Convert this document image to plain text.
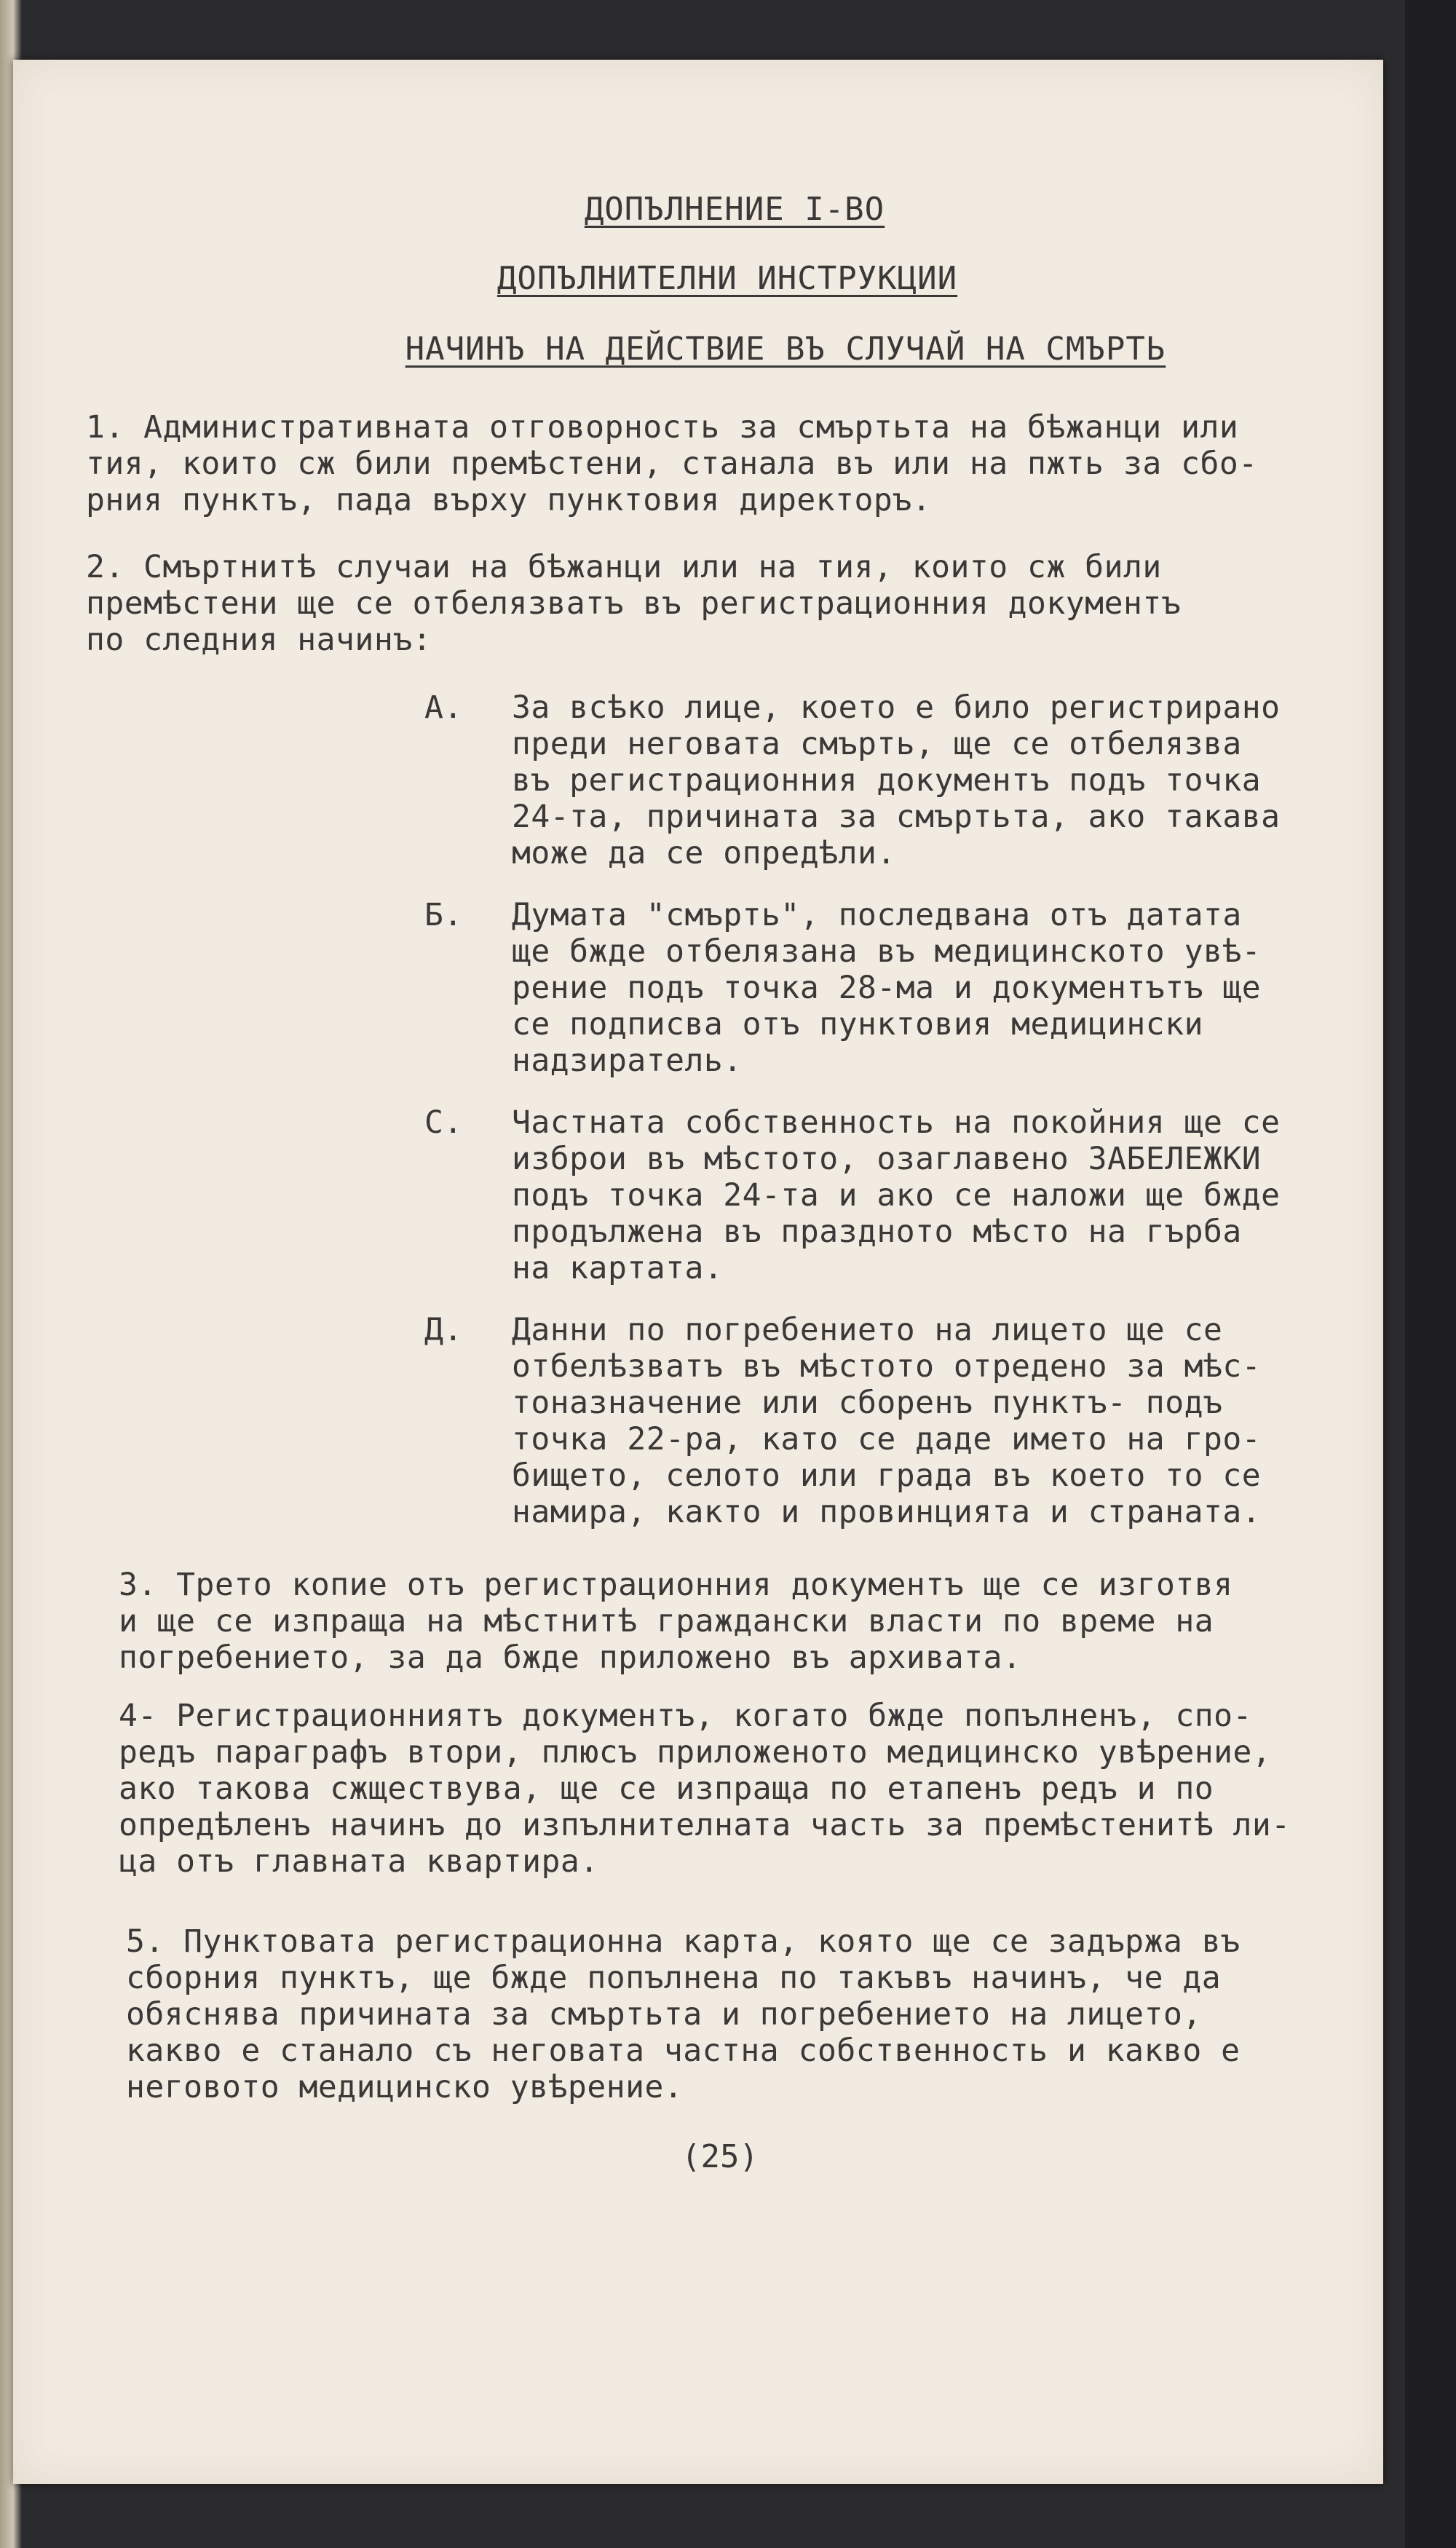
ДОПЪЛНЕНИЕ I-ВО
ДОПЪЛНИТЕЛНИ ИНСТРУКЦИИ
НАЧИНЪ НА ДЕЙСТВИЕ ВЪ СЛУЧАЙ НА СМЪРТЬ
1. Административната отговорность за смъртьта на бѣжанци или
тия, които сж били премѣстени, станала въ или на пжть за сбо-
рния пунктъ, пада върху пунктовия директоръ.
2. Смъртнитѣ случаи на бѣжанци или на тия, които сж били
премѣстени ще се отбелязватъ въ регистрационния документъ
по следния начинъ:
А. За всѣко лице, което е било регистрирано
преди неговата смърть, ще се отбелязва
въ регистрационния документъ подъ точка
24-та, причината за смъртьта, ако такава
може да се опредѣли.
Б. Думата "смърть", последвана отъ датата
ще бжде отбелязана въ медицинското увѣ-
рение подъ точка 28-ма и документътъ ще
се подписва отъ пунктовия медицински
надзиратель.
С. Частната собственность на покойния ще се
изброи въ мѣстото, озаглавено ЗАБЕЛЕЖКИ
подъ точка 24-та и ако се наложи ще бжде
продължена въ праздното мѣсто на гърба
на картата.
Д. Данни по погребението на лицето ще се
отбелѣзватъ въ мѣстото отредено за мѣс-
тоназначение или сборенъ пунктъ- подъ
точка 22-ра, като се даде името на гро-
бището, селото или града въ което то се
намира, както и провинцията и страната.
3. Трето копие отъ регистрационния документъ ще се изготвя
и ще се изпраща на мѣстнитѣ граждански власти по време на
погребението, за да бжде приложено въ архивата.
4- Регистрационниятъ документъ, когато бжде попълненъ, спо-
редъ параграфъ втори, плюсъ приложеното медицинско увѣрение,
ако такова сжществува, ще се изпраща по етапенъ редъ и по
опредѣленъ начинъ до изпълнителната часть за премѣстенитѣ ли-
ца отъ главната квартира.
5. Пунктовата регистрационна карта, която ще се задържа въ
сборния пунктъ, ще бжде попълнена по такъвъ начинъ, че да
обяснява причината за смъртьта и погребението на лицето,
какво е станало съ неговата частна собственность и какво е
неговото медицинско увѣрение.
(25)
